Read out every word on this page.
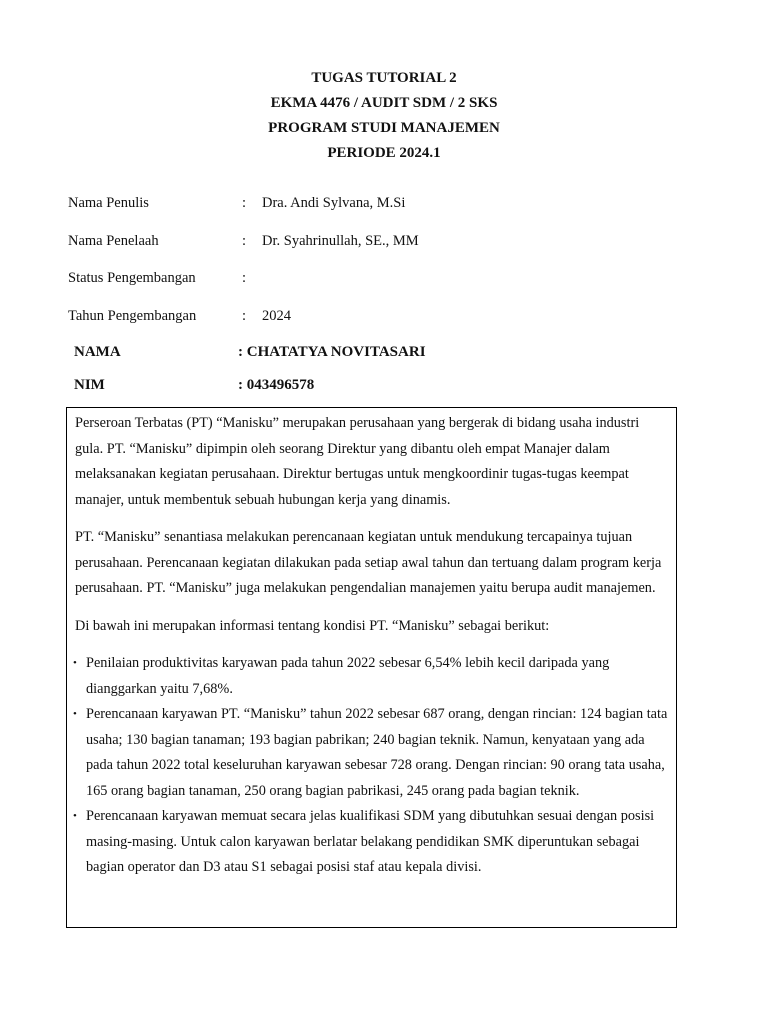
TUGAS TUTORIAL 2
EKMA 4476 / AUDIT SDM / 2 SKS
PROGRAM STUDI MANAJEMEN
PERIODE 2024.1
Nama Penulis	:	Dra. Andi Sylvana, M.Si
Nama Penelaah	:	Dr. Syahrinullah, SE., MM
Status Pengembangan	:
Tahun Pengembangan	:	2024
NAMA	: CHATATYA NOVITASARI
NIM	: 043496578

Perseroan Terbatas (PT) “Manisku” merupakan perusahaan yang bergerak di bidang usaha industri gula. PT. “Manisku” dipimpin oleh seorang Direktur yang dibantu oleh empat Manajer dalam melaksanakan kegiatan perusahaan. Direktur bertugas untuk mengkoordinir tugas-tugas keempat manajer, untuk membentuk sebuah hubungan kerja yang dinamis.

PT. “Manisku” senantiasa melakukan perencanaan kegiatan untuk mendukung tercapainya tujuan perusahaan. Perencanaan kegiatan dilakukan pada setiap awal tahun dan tertuang dalam program kerja perusahaan. PT. “Manisku” juga melakukan pengendalian manajemen yaitu berupa audit manajemen.

Di bawah ini merupakan informasi tentang kondisi PT. “Manisku” sebagai berikut:

• Penilaian produktivitas karyawan pada tahun 2022 sebesar 6,54% lebih kecil daripada yang dianggarkan yaitu 7,68%.
• Perencanaan karyawan PT. “Manisku” tahun 2022 sebesar 687 orang, dengan rincian: 124 bagian tata usaha; 130 bagian tanaman; 193 bagian pabrikan; 240 bagian teknik. Namun, kenyataan yang ada pada tahun 2022 total keseluruhan karyawan sebesar 728 orang. Dengan rincian: 90 orang tata usaha, 165 orang bagian tanaman, 250 orang bagian pabrikasi, 245 orang pada bagian teknik.
• Perencanaan karyawan memuat secara jelas kualifikasi SDM yang dibutuhkan sesuai dengan posisi masing-masing. Untuk calon karyawan berlatar belakang pendidikan SMK diperuntukan sebagai bagian operator dan D3 atau S1 sebagai posisi staf atau kepala divisi.
